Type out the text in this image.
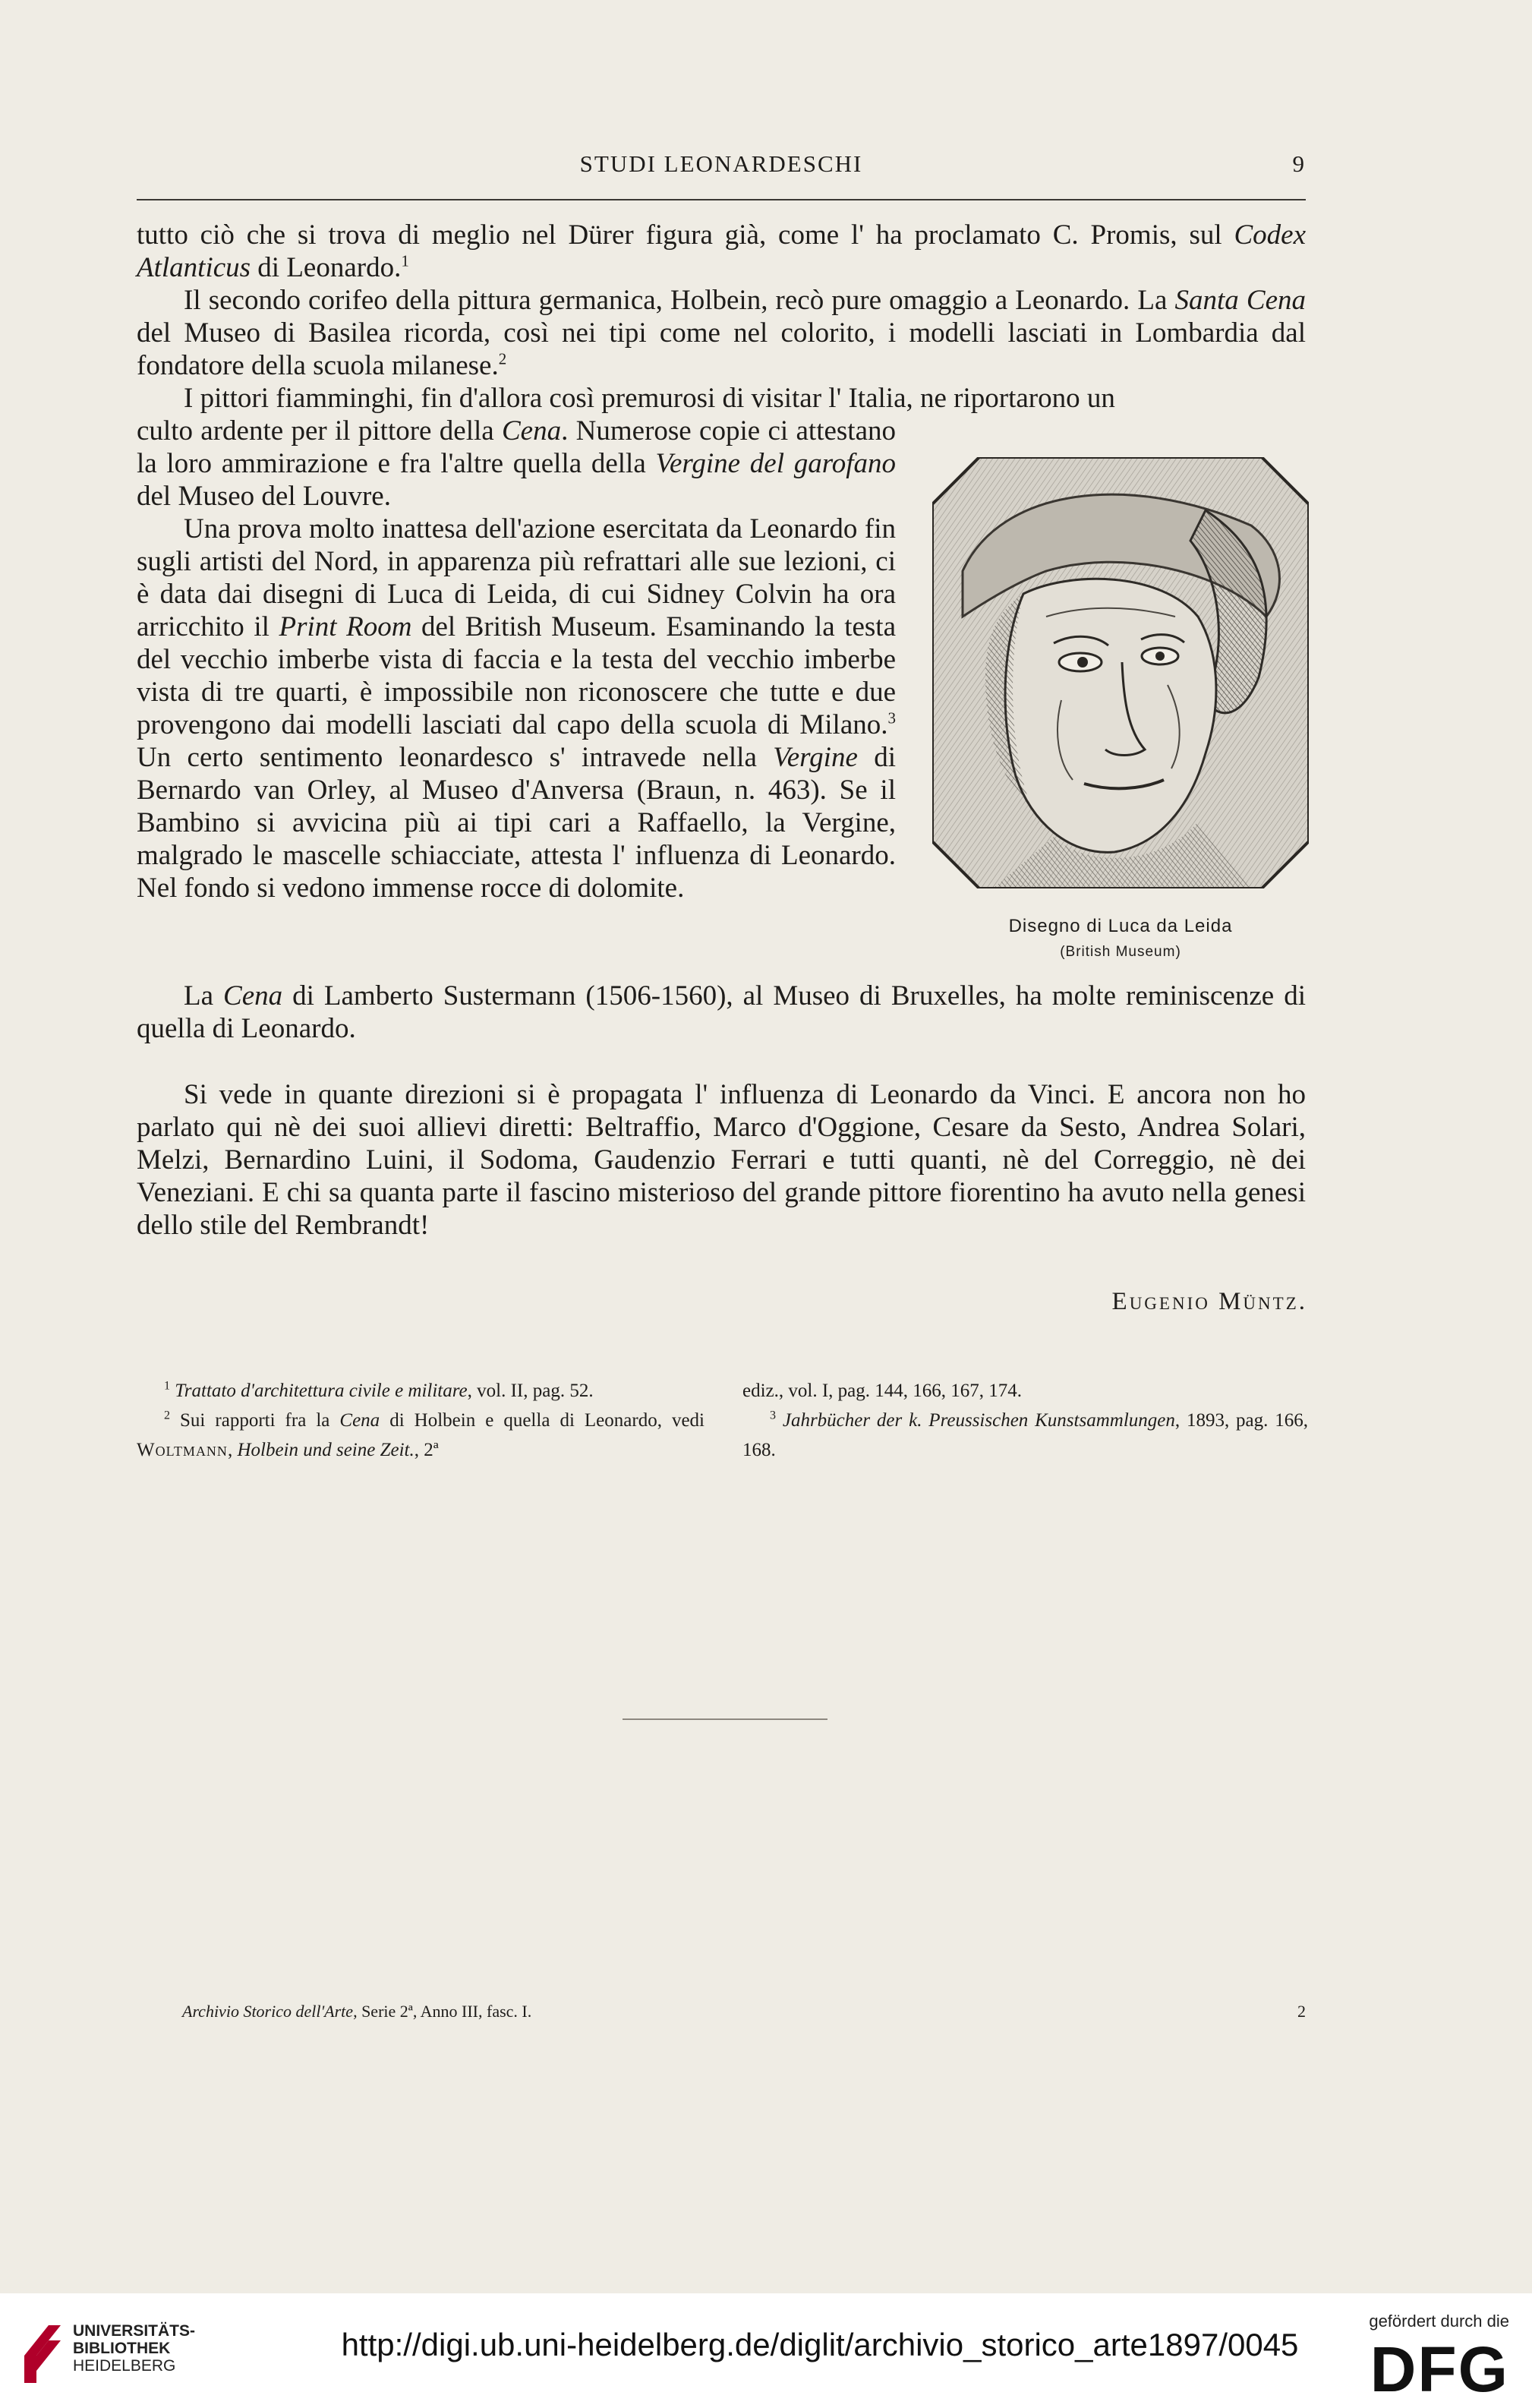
STUDI LEONARDESCHI	9

tutto ciò che si trova di meglio nel Dürer figura già, come l' ha proclamato C. Promis, sul Codex Atlanticus di Leonardo.$^1$

Il secondo corifeo della pittura germanica, Holbein, recò pure omaggio a Leonardo. La Santa Cena del Museo di Basilea ricorda, così nei tipi come nel colorito, i modelli lasciati in Lombardia dal fondatore della scuola milanese.$^2$

I pittori fiamminghi, fin d'allora così premurosi di visitar l' Italia, ne riportarono un

culto ardente per il pittore della Cena. Numerose copie ci attestano la loro ammirazione e fra l'altre quella della Vergine del garofano del Museo del Louvre.

Una prova molto inattesa dell'azione esercitata da Leonardo fin sugli artisti del Nord, in apparenza più refrattari alle sue lezioni, ci è data dai disegni di Luca di Leida, di cui Sidney Colvin ha ora arricchito il Print Room del British Museum. Esaminando la testa del vecchio imberbe vista di faccia e la testa del vecchio imberbe vista di tre quarti, è impossibile non riconoscere che tutte e due provengono dai modelli lasciati dal capo della scuola di Milano.$^3$ Un certo sentimento leonardesco s' intravede nella Vergine di Bernardo van Orley, al Museo d'Anversa (Braun, n. 463). Se il Bambino si avvicina più ai tipi cari a Raffaello, la Vergine, malgrado le mascelle schiacciate, attesta l' influenza di Leonardo. Nel fondo si vedono immense rocce di dolomite.

La Cena di Lamberto Sustermann (1506-1560), al Museo di Bruxelles, ha molte reminiscenze di quella di Leonardo.

Si vede in quante direzioni si è propagata l' influenza di Leonardo da Vinci. E ancora non ho parlato qui nè dei suoi allievi diretti: Beltraffio, Marco d'Oggione, Cesare da Sesto, Andrea Solari, Melzi, Bernardino Luini, il Sodoma, Gaudenzio Ferrari e tutti quanti, nè del Correggio, nè dei Veneziani. E chi sa quanta parte il fascino misterioso del grande pittore fiorentino ha avuto nella genesi dello stile del Rembrandt!

Eugenio Müntz.
Disegno di Luca da Leida
(British Museum)

$^1$ Trattato d'architettura civile e militare, vol. II, pag. 52.

$^2$ Sui rapporti fra la Cena di Holbein e quella di Leonardo, vedi Woltmann, Holbein und seine Zeit., 2ª

ediz., vol. I, pag. 144, 166, 167, 174.

$^3$ Jahrbücher der k. Preussischen Kunstsammlungen, 1893, pag. 166, 168.

Archivio Storico dell'Arte, Serie 2ª, Anno III, fasc. I.	2
UNIVERSITÄTS-
BIBLIOTHEK
HEIDELBERG
http://digi.ub.uni-heidelberg.de/diglit/archivio_storico_arte1897/0045
gefördert durch die
DFG
